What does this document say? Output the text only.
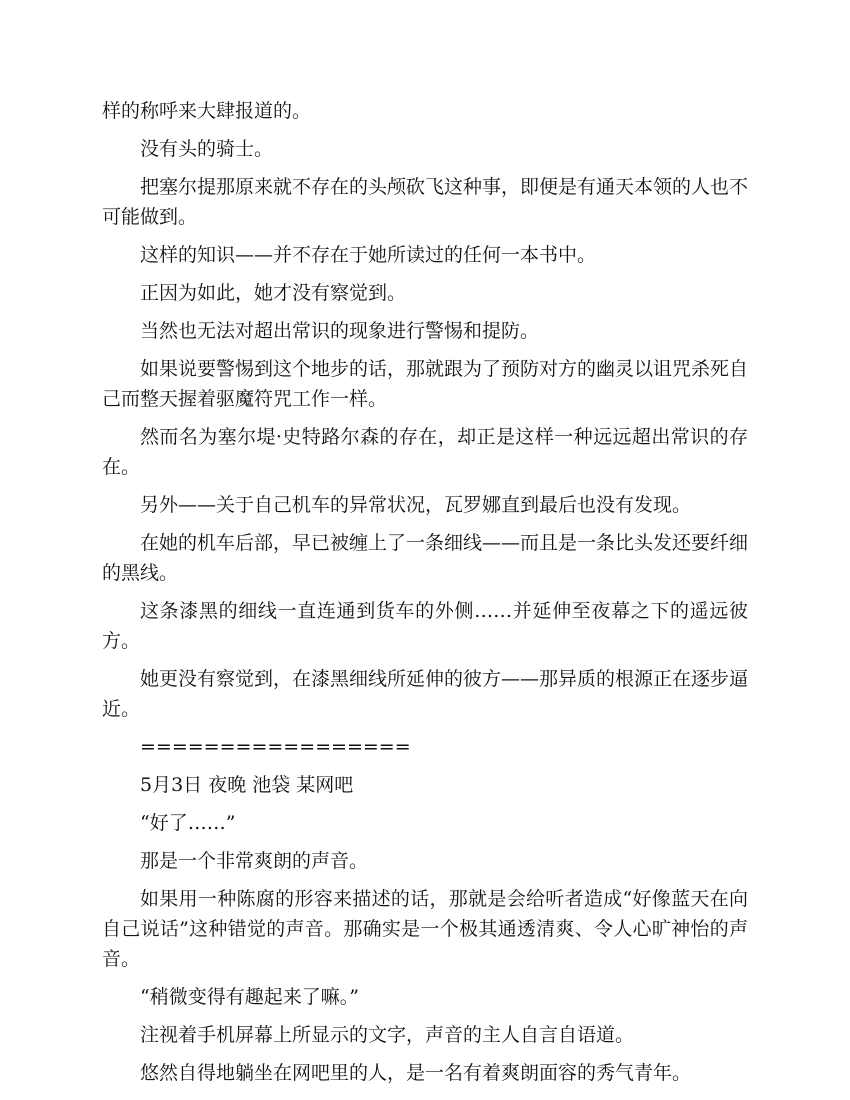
样的称呼来大肆报道的。

没有头的骑士。

把塞尔提那原来就不存在的头颅砍飞这种事，即便是有通天本领的人也不可能做到。

这样的知识——并不存在于她所读过的任何一本书中。

正因为如此，她才没有察觉到。

当然也无法对超出常识的现象进行警惕和提防。

如果说要警惕到这个地步的话，那就跟为了预防对方的幽灵以诅咒杀死自己而整天握着驱魔符咒工作一样。

然而名为塞尔堤·史特路尔森的存在，却正是这样一种远远超出常识的存在。

另外——关于自己机车的异常状况，瓦罗娜直到最后也没有发现。

在她的机车后部，早已被缠上了一条细线——而且是一条比头发还要纤细的黑线。

这条漆黑的细线一直连通到货车的外侧……并延伸至夜幕之下的遥远彼方。

她更没有察觉到，在漆黑细线所延伸的彼方——那异质的根源正在逐步逼近。

=================

5月3日 夜晚 池袋 某网吧

“好了……”

那是一个非常爽朗的声音。

如果用一种陈腐的形容来描述的话，那就是会给听者造成“好像蓝天在向自己说话”这种错觉的声音。那确实是一个极其通透清爽、令人心旷神怡的声音。

“稍微变得有趣起来了嘛。”

注视着手机屏幕上所显示的文字，声音的主人自言自语道。

悠然自得地躺坐在网吧里的人，是一名有着爽朗面容的秀气青年。
